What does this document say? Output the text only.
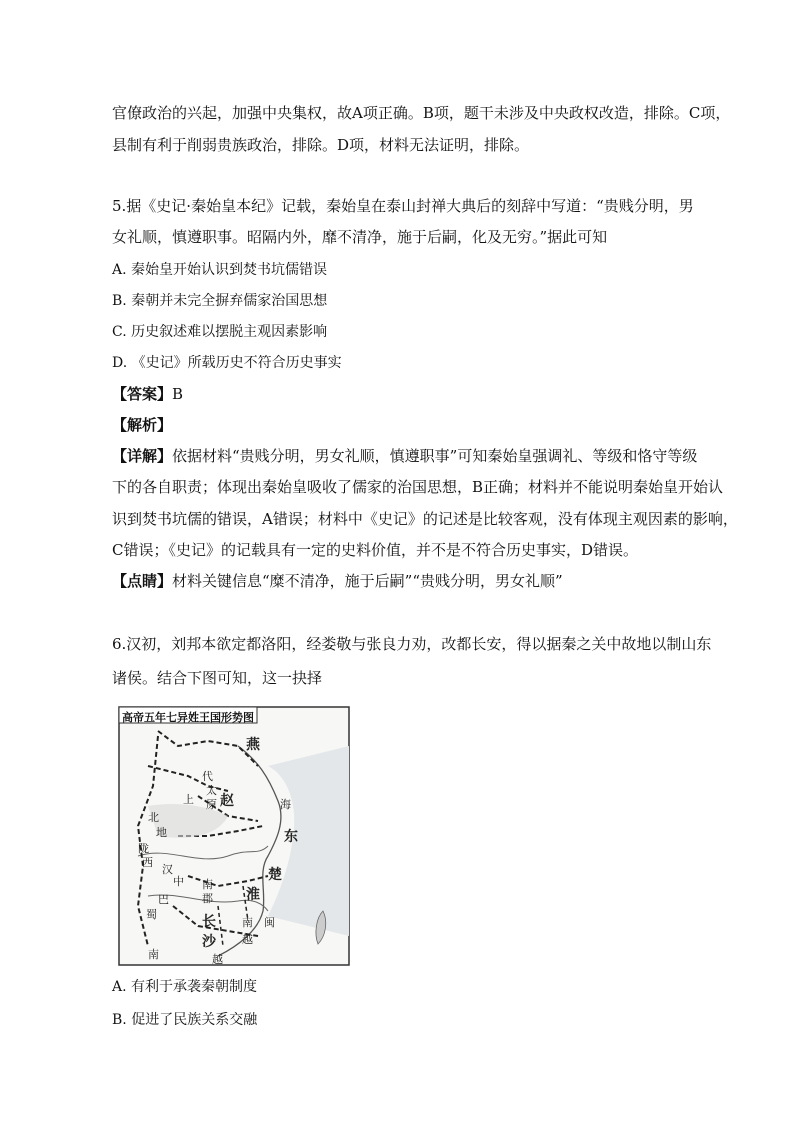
官僚政治的兴起，加强中央集权，故A项正确。B项，题干未涉及中央政权改造，排除。C项，
县制有利于削弱贵族政治，排除。D项，材料无法证明，排除。
5.据《史记·秦始皇本纪》记载，秦始皇在泰山封禅大典后的刻辞中写道：“贵贱分明，男
女礼顺，慎遵职事。昭隔内外，靡不清净，施于后嗣，化及无穷。”据此可知
A. 秦始皇开始认识到焚书坑儒错误
B. 秦朝并未完全摒弃儒家治国思想
C. 历史叙述难以摆脱主观因素影响
D. 《史记》所载历史不符合历史事实
【答案】B
【解析】
【详解】依据材料“贵贱分明，男女礼顺，慎遵职事”可知秦始皇强调礼、等级和恪守等级
下的各自职责；体现出秦始皇吸收了儒家的治国思想，B正确；材料并不能说明秦始皇开始认
识到焚书坑儒的错误，A错误；材料中《史记》的记述是比较客观，没有体现主观因素的影响，
C错误；《史记》的记载具有一定的史料价值，并不是不符合历史事实，D错误。
【点睛】材料关键信息“糜不清净，施于后嗣”“贵贱分明，男女礼顺”
6.汉初，刘邦本欲定都洛阳，经娄敬与张良力劝，改都长安，得以据秦之关中故地以制山东
诸侯。结合下图可知，这一抉择
高帝五年七异姓王国形势图
燕
赵
代
太
原
上
北
地
陇
西
汉
中
巴
蜀
南
郡
东
楚
淮
长
沙
南 闽
越
南	越
海
A. 有利于承袭秦朝制度
B. 促进了民族关系交融
